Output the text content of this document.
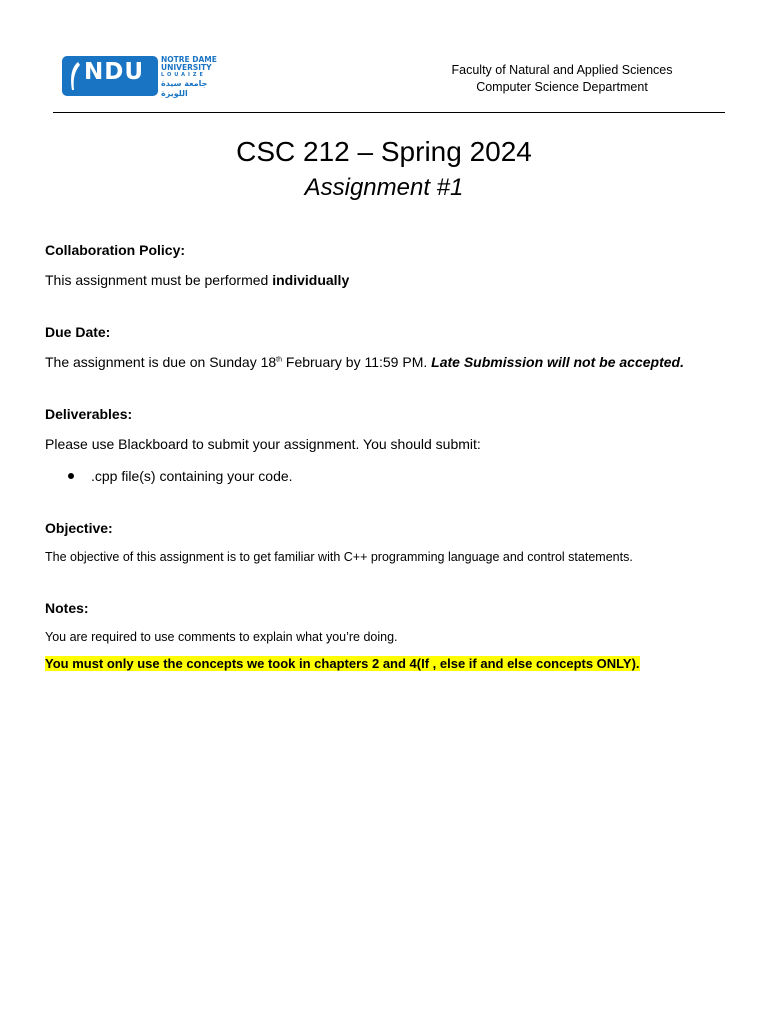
NDU	NOTRE DAME
UNIVERSITY
LOUAIZE
جامعة سيدة اللويزة
Faculty of Natural and Applied Sciences
Computer Science Department
CSC 212 – Spring 2024
Assignment #1

Collaboration Policy:

This assignment must be performed individually

Due Date:

The assignment is due on Sunday 18th February by 11:59 PM. Late Submission will not be accepted.

Deliverables:

Please use Blackboard to submit your assignment. You should submit:

.cpp file(s) containing your code.

Objective:

The objective of this assignment is to get familiar with C++ programming language and control statements.

Notes:

You are required to use comments to explain what you’re doing.

You must only use the concepts we took in chapters 2 and 4(If , else if and else concepts ONLY).
